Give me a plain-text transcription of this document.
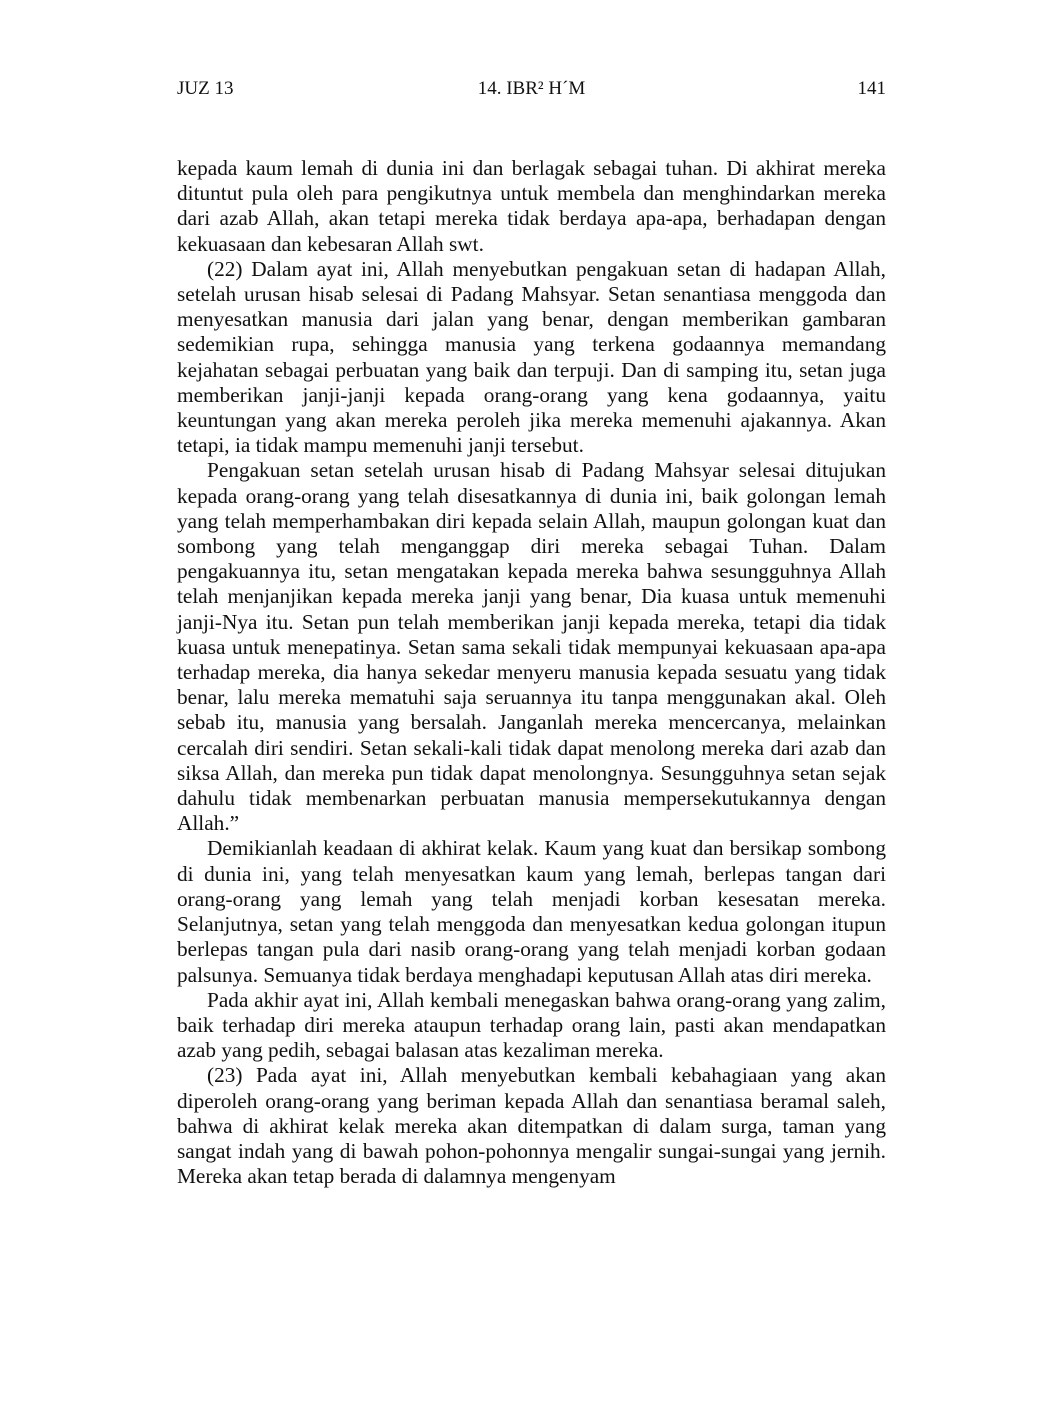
JUZ 13	14. IBR² H´M	141

kepada kaum lemah di dunia ini dan berlagak sebagai tuhan. Di akhirat mereka dituntut pula oleh para pengikutnya untuk membela dan menghindarkan mereka dari azab Allah, akan tetapi mereka tidak berdaya apa-apa, berhadapan dengan kekuasaan dan kebesaran Allah swt.

(22) Dalam ayat ini, Allah menyebutkan pengakuan setan di hadapan Allah, setelah urusan hisab selesai di Padang Mahsyar. Setan senantiasa menggoda dan menyesatkan manusia dari jalan yang benar, dengan memberikan gambaran sedemikian rupa, sehingga manusia yang terkena godaannya memandang kejahatan sebagai perbuatan yang baik dan terpuji. Dan di samping itu, setan juga memberikan janji-janji kepada orang-orang yang kena godaannya, yaitu keuntungan yang akan mereka peroleh jika mereka memenuhi ajakannya. Akan tetapi, ia tidak mampu memenuhi janji tersebut.

Pengakuan setan setelah urusan hisab di Padang Mahsyar selesai ditujukan kepada orang-orang yang telah disesatkannya di dunia ini, baik golongan lemah yang telah memperhambakan diri kepada selain Allah, maupun golongan kuat dan sombong yang telah menganggap diri mereka sebagai Tuhan. Dalam pengakuannya itu, setan mengatakan kepada mereka bahwa sesungguhnya Allah telah menjanjikan kepada mereka janji yang benar, Dia kuasa untuk memenuhi janji-Nya itu. Setan pun telah memberikan janji kepada mereka, tetapi dia tidak kuasa untuk menepatinya. Setan sama sekali tidak mempunyai kekuasaan apa-apa terhadap mereka, dia hanya sekedar menyeru manusia kepada sesuatu yang tidak benar, lalu mereka mematuhi saja seruannya itu tanpa menggunakan akal. Oleh sebab itu, manusia yang bersalah. Janganlah mereka mencercanya, melainkan cercalah diri sendiri. Setan sekali-kali tidak dapat menolong mereka dari azab dan siksa Allah, dan mereka pun tidak dapat menolongnya. Sesungguhnya setan sejak dahulu tidak membenarkan perbuatan manusia mempersekutukannya dengan Allah.”

Demikianlah keadaan di akhirat kelak. Kaum yang kuat dan bersikap sombong di dunia ini, yang telah menyesatkan kaum yang lemah, berlepas tangan dari orang-orang yang lemah yang telah menjadi korban kesesatan mereka. Selanjutnya, setan yang telah menggoda dan menyesatkan kedua golongan itupun berlepas tangan pula dari nasib orang-orang yang telah menjadi korban godaan palsunya. Semuanya tidak berdaya menghadapi keputusan Allah atas diri mereka.

Pada akhir ayat ini, Allah kembali menegaskan bahwa orang-orang yang zalim, baik terhadap diri mereka ataupun terhadap orang lain, pasti akan mendapatkan azab yang pedih, sebagai balasan atas kezaliman mereka.

(23) Pada ayat ini, Allah menyebutkan kembali kebahagiaan yang akan diperoleh orang-orang yang beriman kepada Allah dan senantiasa beramal saleh, bahwa di akhirat kelak mereka akan ditempatkan di dalam surga, taman yang sangat indah yang di bawah pohon-pohonnya mengalir sungai-sungai yang jernih. Mereka akan tetap berada di dalamnya mengenyam
